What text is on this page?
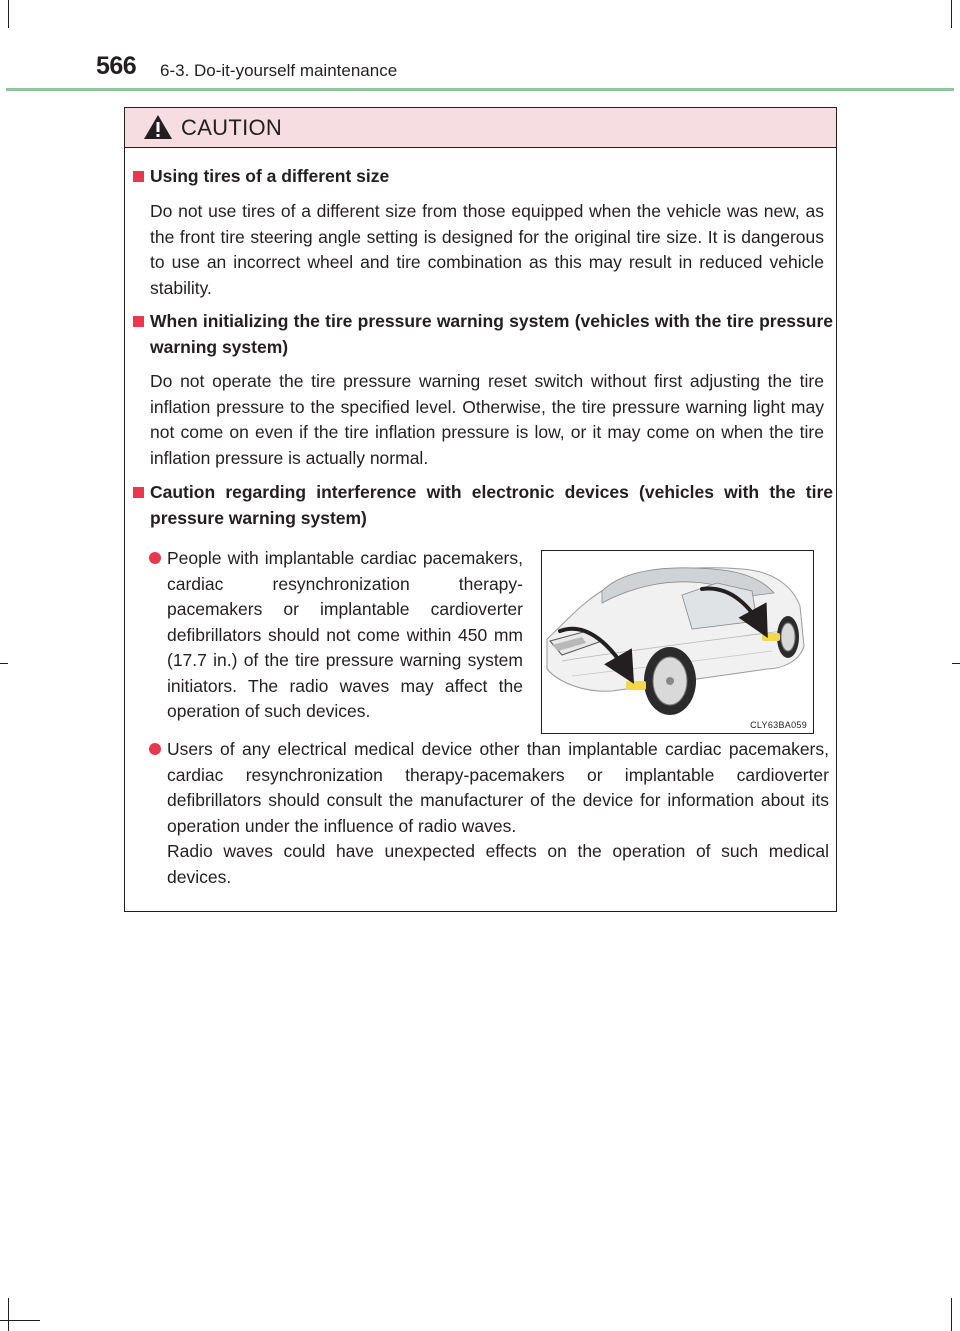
566 6-3. Do-it-yourself maintenance
CAUTION
Using tires of a different size
Do not use tires of a different size from those equipped when the vehicle was new, as the front tire steering angle setting is designed for the original tire size. It is dangerous to use an incorrect wheel and tire combination as this may result in reduced vehicle stability.
When initializing the tire pressure warning system (vehicles with the tire pressure warning system)
Do not operate the tire pressure warning reset switch without first adjusting the tire inflation pressure to the specified level. Otherwise, the tire pressure warning light may not come on even if the tire inflation pressure is low, or it may come on when the tire inflation pressure is actually normal.
Caution regarding interference with electronic devices (vehicles with the tire pressure warning system)
People with implantable cardiac pacemakers, cardiac resynchronization therapy-pacemakers or implantable cardioverter defibrillators should not come within 450 mm (17.7 in.) of the tire pressure warning system initiators. The radio waves may affect the operation of such devices.
CLY63BA059
Users of any electrical medical device other than implantable cardiac pacemakers, cardiac resynchronization therapy-pacemakers or implantable cardioverter defibrillators should consult the manufacturer of the device for information about its operation under the influence of radio waves.
Radio waves could have unexpected effects on the operation of such medical devices.
